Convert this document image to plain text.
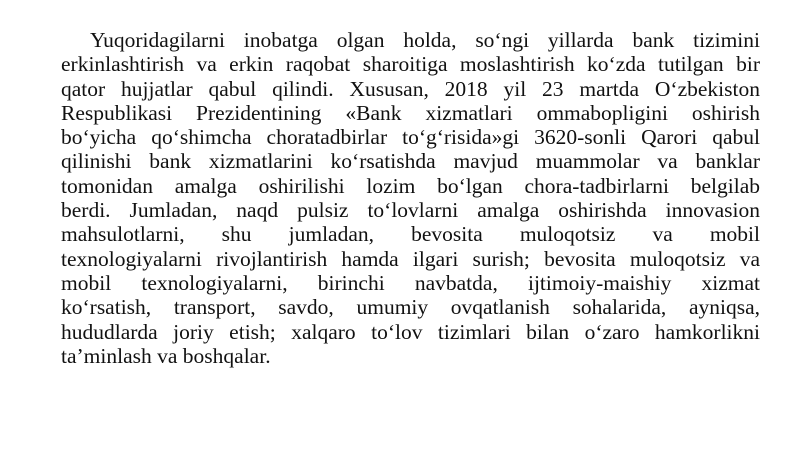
Yuqoridagilarni inobatga olgan holda, so‘ngi yillarda bank tizimini
erkinlashtirish va erkin raqobat sharoitiga moslashtirish ko‘zda tutilgan bir
qator hujjatlar qabul qilindi. Xususan, 2018 yil 23 martda O‘zbekiston
Respublikasi Prezidentining «Bank xizmatlari ommabopligini oshirish
bo‘yicha qo‘shimcha choratadbirlar to‘g‘risida»gi 3620-sonli Qarori qabul
qilinishi bank xizmatlarini ko‘rsatishda mavjud muammolar va banklar
tomonidan amalga oshirilishi lozim bo‘lgan chora-tadbirlarni belgilab
berdi. Jumladan, naqd pulsiz to‘lovlarni amalga oshirishda innovasion
mahsulotlarni, shu jumladan, bevosita muloqotsiz va mobil
texnologiyalarni rivojlantirish hamda ilgari surish; bevosita muloqotsiz va
mobil texnologiyalarni, birinchi navbatda, ijtimoiy-maishiy xizmat
ko‘rsatish, transport, savdo, umumiy ovqatlanish sohalarida, ayniqsa,
hududlarda joriy etish; xalqaro to‘lov tizimlari bilan o‘zaro hamkorlikni
ta’minlash va boshqalar.
